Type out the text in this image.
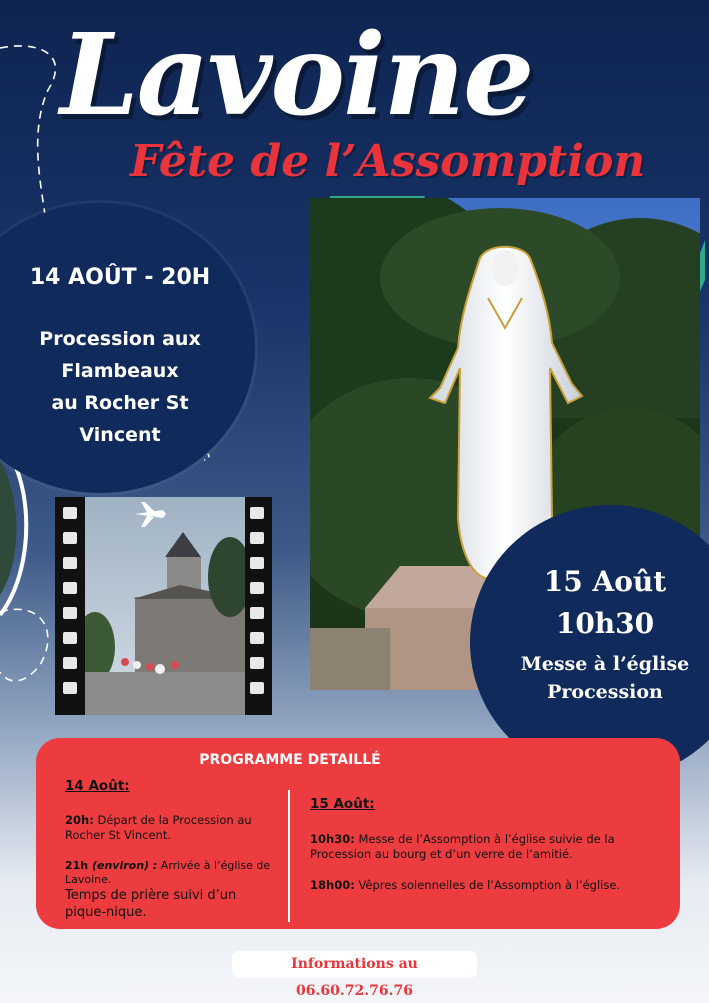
Lavoine
Fête de l’Assomption
14 AOÛT - 20H
Procession aux
Flambeaux
au Rocher St
Vincent
15 Août
10h30
Messe à l’église
Procession
PROGRAMME DETAILLÉ
14 Août:
20h: Départ de la Procession au Rocher St Vincent.
21h (environ) : Arrivée à l’église de Lavoine.
Temps de prière suivi d’un pique-nique.
15 Août:
10h30: Messe de l’Assomption à l’église suivie de la Procession au bourg et d’un verre de l’amitié.
18h00: Vêpres solennelles de l’Assomption à l’église.
Informations au 06.60.72.76.76
